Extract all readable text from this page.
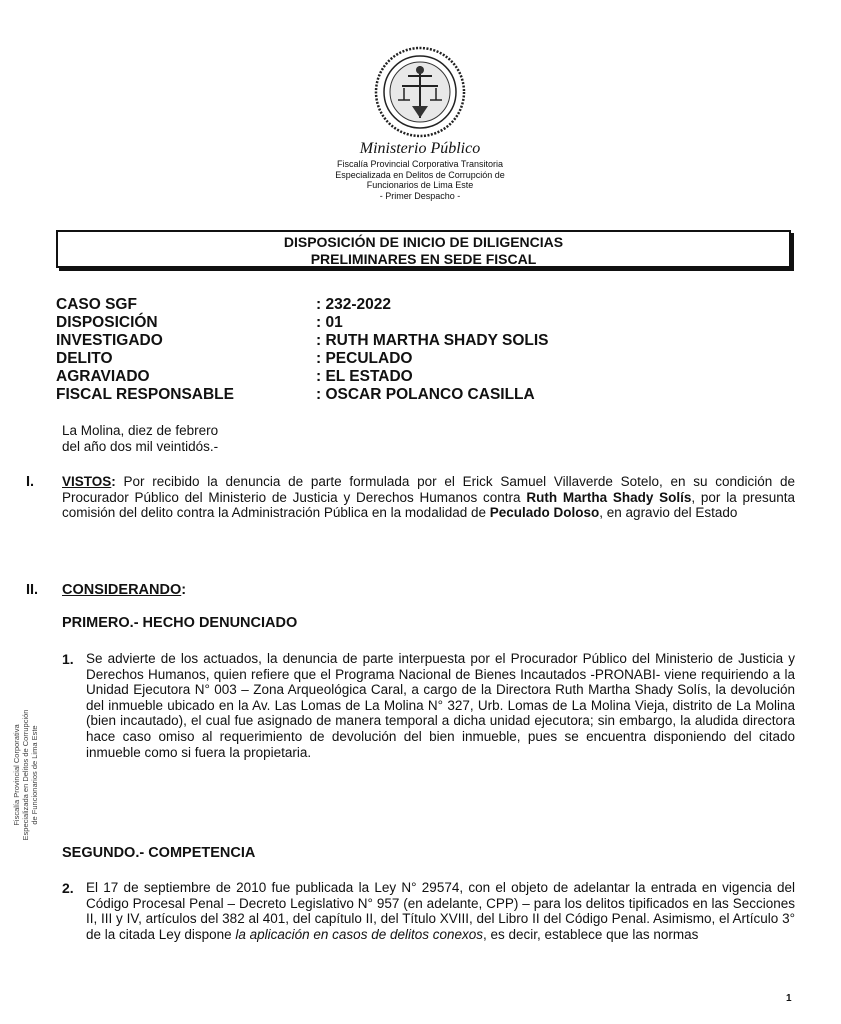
Ministerio Público
Fiscalía Provincial Corporativa Transitoria
Especializada en Delitos de Corrupción de
Funcionarios de Lima Este
- Primer Despacho -
DISPOSICIÓN DE INICIO DE DILIGENCIAS
PRELIMINARES EN SEDE FISCAL
CASO SGF	: 232-2022
DISPOSICIÓN	: 01
INVESTIGADO	: RUTH MARTHA SHADY SOLIS
DELITO	: PECULADO
AGRAVIADO	: EL ESTADO
FISCAL RESPONSABLE	: OSCAR POLANCO CASILLA
La Molina, diez de febrero
del año dos mil veintidós.-
I. VISTOS: Por recibido la denuncia de parte formulada por el Erick Samuel Villaverde Sotelo, en su condición de Procurador Público del Ministerio de Justicia y Derechos Humanos contra Ruth Martha Shady Solís, por la presunta comisión del delito contra la Administración Pública en la modalidad de Peculado Doloso, en agravio del Estado
II. CONSIDERANDO:
PRIMERO.- HECHO DENUNCIADO
1. Se advierte de los actuados, la denuncia de parte interpuesta por el Procurador Público del Ministerio de Justicia y Derechos Humanos, quien refiere que el Programa Nacional de Bienes Incautados -PRONABI- viene requiriendo a la Unidad Ejecutora N° 003 – Zona Arqueológica Caral, a cargo de la Directora Ruth Martha Shady Solís, la devolución del inmueble ubicado en la Av. Las Lomas de La Molina N° 327, Urb. Lomas de La Molina Vieja, distrito de La Molina (bien incautado), el cual fue asignado de manera temporal a dicha unidad ejecutora; sin embargo, la aludida directora hace caso omiso al requerimiento de devolución del bien inmueble, pues se encuentra disponiendo del citado inmueble como si fuera la propietaria.
SEGUNDO.- COMPETENCIA
2. El 17 de septiembre de 2010 fue publicada la Ley N° 29574, con el objeto de adelantar la entrada en vigencia del Código Procesal Penal – Decreto Legislativo N° 957 (en adelante, CPP) – para los delitos tipificados en las Secciones II, III y IV, artículos del 382 al 401, del capítulo II, del Título XVIII, del Libro II del Código Penal. Asimismo, el Artículo 3° de la citada Ley dispone la aplicación en casos de delitos conexos, es decir, establece que las normas
Fiscalía Provincial Corporativa Especializada en Delitos de Corrupción de Funcionarios de Lima Este
1
